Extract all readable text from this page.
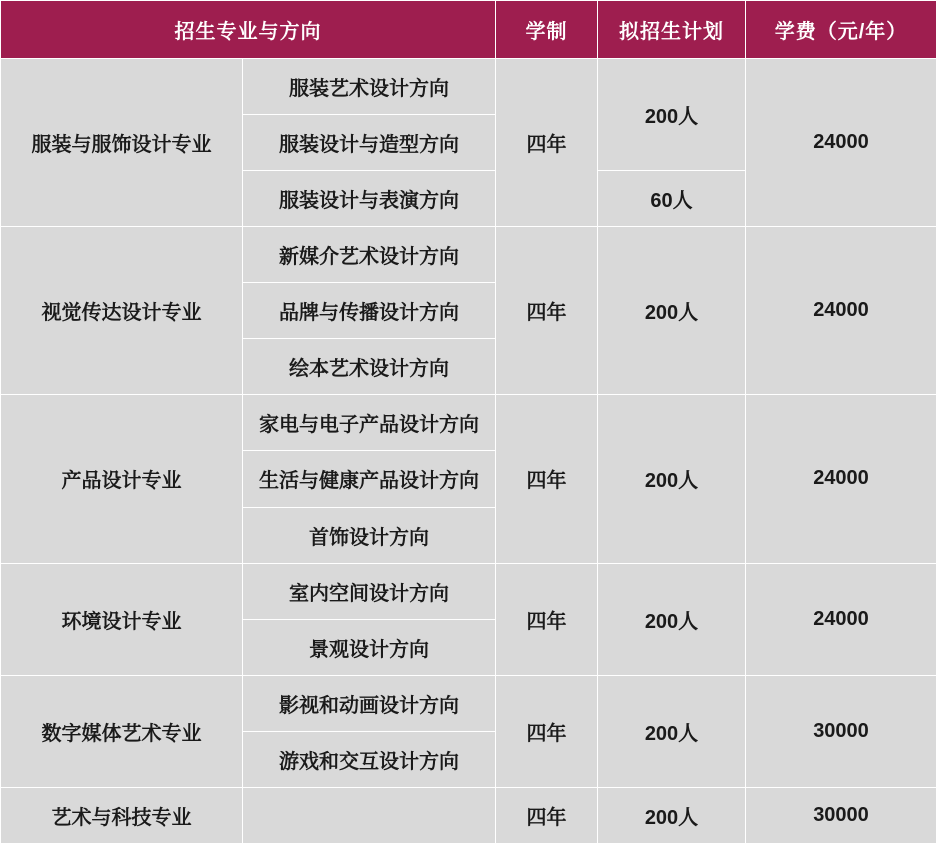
招生专业与方向		学制	拟招生计划	学费（元/年）
服装与服饰设计专业	服装艺术设计方向	四年	200人	24000
	服装设计与造型方向			
	服装设计与表演方向		60人	
视觉传达设计专业	新媒介艺术设计方向	四年	200人	24000
	品牌与传播设计方向			
	绘本艺术设计方向			
产品设计专业	家电与电子产品设计方向	四年	200人	24000
	生活与健康产品设计方向			
	首饰设计方向			
环境设计专业	室内空间设计方向	四年	200人	24000
	景观设计方向			
数字媒体艺术专业	影视和动画设计方向	四年	200人	30000
	游戏和交互设计方向			
艺术与科技专业		四年	200人	30000
